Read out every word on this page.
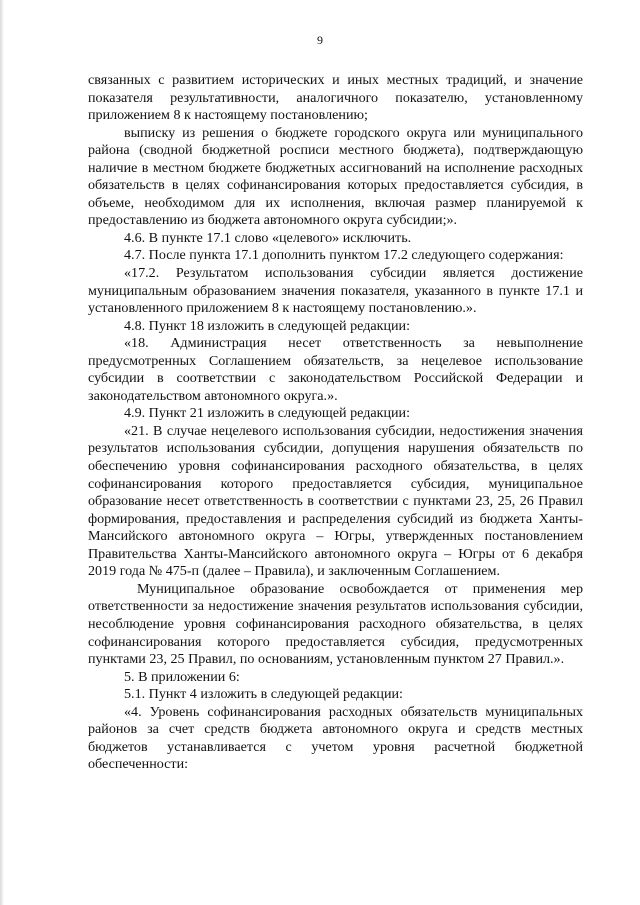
9

связанных с развитием исторических и иных местных традиций, и значение показателя результативности, аналогичного показателю, установленному приложением 8 к настоящему постановлению;

выписку из решения о бюджете городского округа или муниципального района (сводной бюджетной росписи местного бюджета), подтверждающую наличие в местном бюджете бюджетных ассигнований на исполнение расходных обязательств в целях софинансирования которых предоставляется субсидия, в объеме, необходимом для их исполнения, включая размер планируемой к предоставлению из бюджета автономного округа субсидии;».

4.6. В пункте 17.1 слово «целевого» исключить.

4.7. После пункта 17.1 дополнить пунктом 17.2 следующего содержания:

«17.2. Результатом использования субсидии является достижение муниципальным образованием значения показателя, указанного в пункте 17.1 и установленного приложением 8 к настоящему постановлению.».

4.8. Пункт 18 изложить в следующей редакции:

«18. Администрация несет ответственность за невыполнение предусмотренных Соглашением обязательств, за нецелевое использование субсидии в соответствии с законодательством Российской Федерации и законодательством автономного округа.».

4.9. Пункт 21 изложить в следующей редакции:

«21. В случае нецелевого использования субсидии, недостижения значения результатов использования субсидии, допущения нарушения обязательств по обеспечению уровня софинансирования расходного обязательства, в целях софинансирования которого предоставляется субсидия, муниципальное образование несет ответственность в соответствии с пунктами 23, 25, 26 Правил формирования, предоставления и распределения субсидий из бюджета Ханты-Мансийского автономного округа – Югры, утвержденных постановлением Правительства Ханты-Мансийского автономного округа – Югры от 6 декабря 2019 года № 475-п (далее – Правила), и заключенным Соглашением.

Муниципальное образование освобождается от применения мер ответственности за недостижение значения результатов использования субсидии, несоблюдение уровня софинансирования расходного обязательства, в целях софинансирования которого предоставляется субсидия, предусмотренных пунктами 23, 25 Правил, по основаниям, установленным пунктом 27 Правил.».

5. В приложении 6:

5.1. Пункт 4 изложить в следующей редакции:

«4. Уровень софинансирования расходных обязательств муниципальных районов за счет средств бюджета автономного округа и средств местных бюджетов устанавливается с учетом уровня расчетной бюджетной обеспеченности:
